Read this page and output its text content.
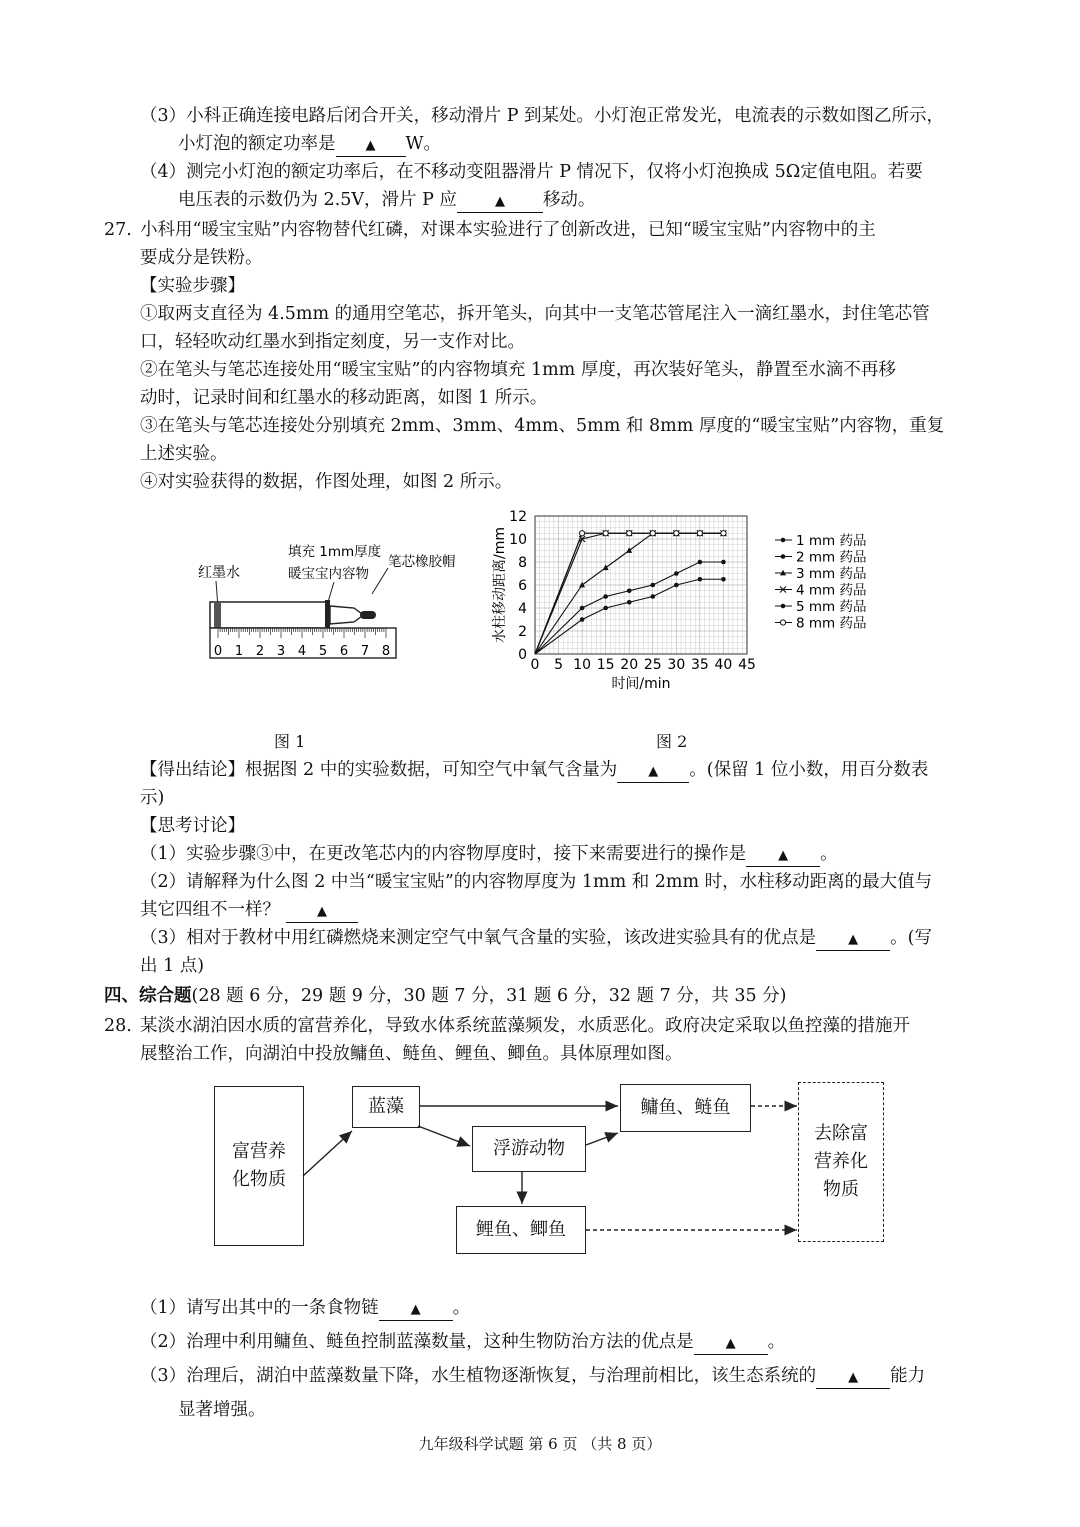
（3）小科正确连接电路后闭合开关，移动滑片 P 到某处。小灯泡正常发光，电流表的示数如图乙所示，
小灯泡的额定功率是 ▲ W。
（4）测完小灯泡的额定功率后，在不移动变阻器滑片 P 情况下，仅将小灯泡换成 5Ω定值电阻。若要
电压表的示数仍为 2.5V，滑片 P 应	▲ 移动。
27. 小科用“暖宝宝贴”内容物替代红磷，对课本实验进行了创新改进，已知“暖宝宝贴”内容物中的主
要成分是铁粉。
【实验步骤】
①取两支直径为 4.5mm 的通用空笔芯，拆开笔头，向其中一支笔芯管尾注入一滴红墨水，封住笔芯管
口，轻轻吹动红墨水到指定刻度，另一支作对比。
②在笔头与笔芯连接处用“暖宝宝贴”的内容物填充 1mm 厚度，再次装好笔头，静置至水滴不再移
动时，记录时间和红墨水的移动距离，如图 1 所示。
③在笔头与笔芯连接处分别填充 2mm、3mm、4mm、5mm 和 8mm 厚度的“暖宝宝贴”内容物，重复
上述实验。
④对实验获得的数据，作图处理，如图 2 所示。
红墨水
填充 1mm厚度
暖宝宝内容物
笔芯橡胶帽
0 1 2 3 4 5 6 7 8
图 1
0 5 10 15 20 25 30 35 40 45
0
2
4
6
8
10
12
时间/min
水柱移动距离/mm	1 mm 药品
2 mm 药品
3 mm 药品
4 mm 药品
5 mm 药品
8 mm 药品
图 2
【得出结论】根据图 2 中的实验数据，可知空气中氧气含量为 ▲ 。(保留 1 位小数，用百分数表
示)
【思考讨论】
（1）实验步骤③中，在更改笔芯内的内容物厚度时，接下来需要进行的操作是 ▲ 。
（2）请解释为什么图 2 中当“暖宝宝贴”的内容物厚度为 1mm 和 2mm 时，水柱移动距离的最大值与
其它四组不一样？	▲
（3）相对于教材中用红磷燃烧来测定空气中氧气含量的实验，该改进实验具有的优点是 ▲ 。(写
出 1 点)
四、综合题(28 题 6 分，29 题 9 分，30 题 7 分，31 题 6 分，32 题 7 分，共 35 分)
28. 某淡水湖泊因水质的富营养化，导致水体系统蓝藻频发，水质恶化。政府决定采取以鱼控藻的措施开
展整治工作，向湖泊中投放鳙鱼、鲢鱼、鲤鱼、鲫鱼。具体原理如图。
富营养
化物质
蓝藻
浮游动物
鳙鱼、鲢鱼
鲤鱼、鲫鱼
去除富
营养化
物质
（1）请写出其中的一条食物链 ▲ 。
（2）治理中利用鳙鱼、鲢鱼控制蓝藻数量，这种生物防治方法的优点是 ▲ 。
（3）治理后，湖泊中蓝藻数量下降，水生植物逐渐恢复，与治理前相比，该生态系统的 ▲ 能力
显著增强。
九年级科学试题 第 6 页 （共 8 页）
